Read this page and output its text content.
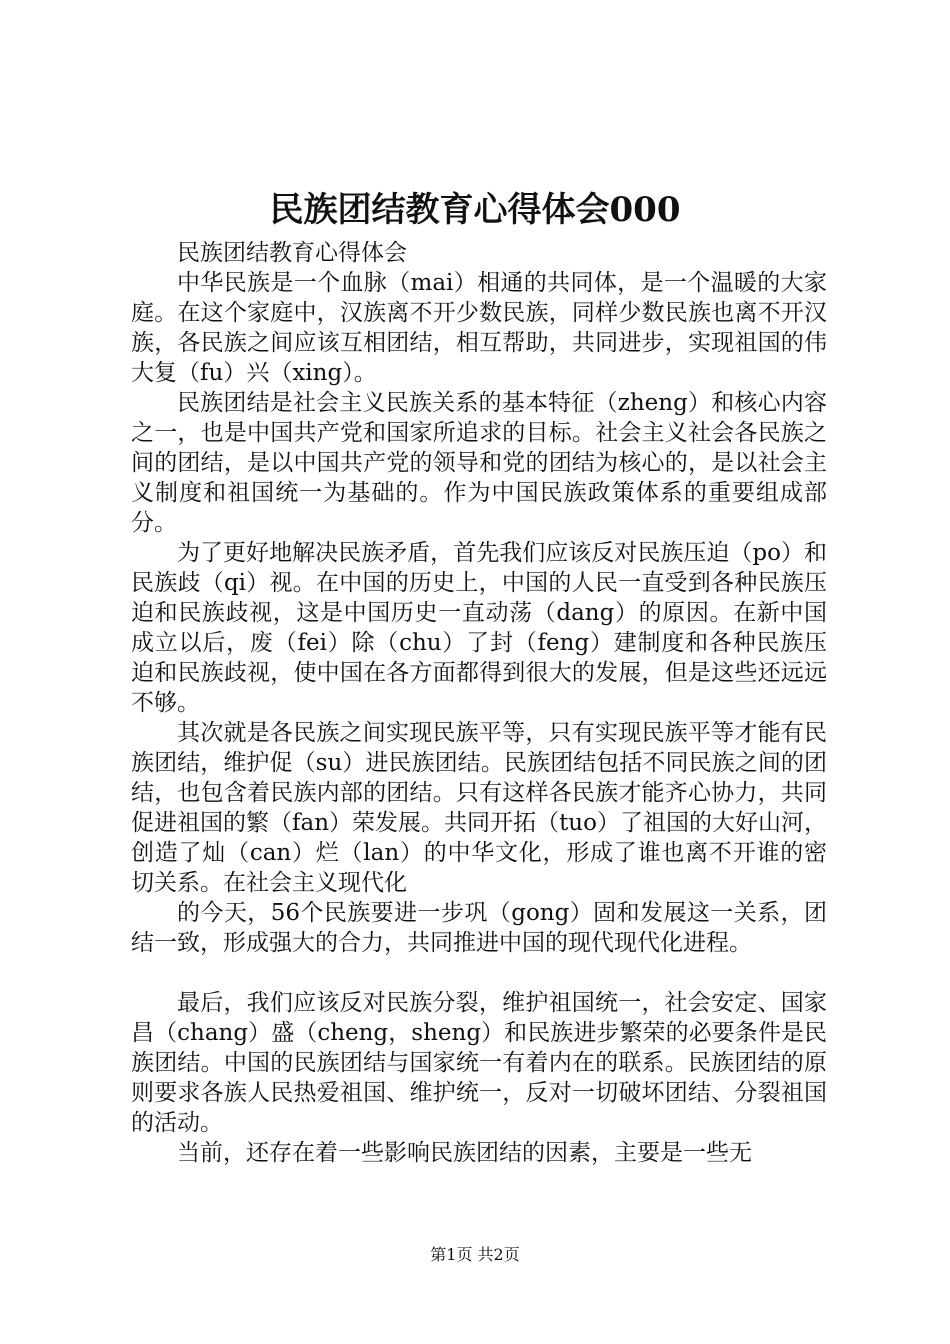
民族团结教育心得体会000

民族团结教育心得体会

中华民族是一个血脉（mai）相通的共同体，是一个温暖的大家庭。在这个家庭中，汉族离不开少数民族，同样少数民族也离不开汉族，各民族之间应该互相团结，相互帮助，共同进步，实现祖国的伟大复（fu）兴（xing）。

民族团结是社会主义民族关系的基本特征（zheng）和核心内容之一，也是中国共产党和国家所追求的目标。社会主义社会各民族之间的团结，是以中国共产党的领导和党的团结为核心的，是以社会主义制度和祖国统一为基础的。作为中国民族政策体系的重要组成部分。

为了更好地解决民族矛盾，首先我们应该反对民族压迫（po）和民族歧（qi）视。在中国的历史上，中国的人民一直受到各种民族压迫和民族歧视，这是中国历史一直动荡（dang）的原因。在新中国成立以后，废（fei）除（chu）了封（feng）建制度和各种民族压迫和民族歧视，使中国在各方面都得到很大的发展，但是这些还远远不够。

其次就是各民族之间实现民族平等，只有实现民族平等才能有民族团结，维护促（su）进民族团结。民族团结包括不同民族之间的团结，也包含着民族内部的团结。只有这样各民族才能齐心协力，共同促进祖国的繁（fan）荣发展。共同开拓（tuo）了祖国的大好山河，创造了灿（can）烂（lan）的中华文化，形成了谁也离不开谁的密切关系。在社会主义现代化

的今天，56个民族要进一步巩（gong）固和发展这一关系，团结一致，形成强大的合力，共同推进中国的现代现代化进程。

最后，我们应该反对民族分裂，维护祖国统一，社会安定、国家昌（chang）盛（cheng，sheng）和民族进步繁荣的必要条件是民族团结。中国的民族团结与国家统一有着内在的联系。民族团结的原则要求各族人民热爱祖国、维护统一，反对一切破坏团结、分裂祖国的活动。

当前，还存在着一些影响民族团结的因素，主要是一些无

第1页 共2页
